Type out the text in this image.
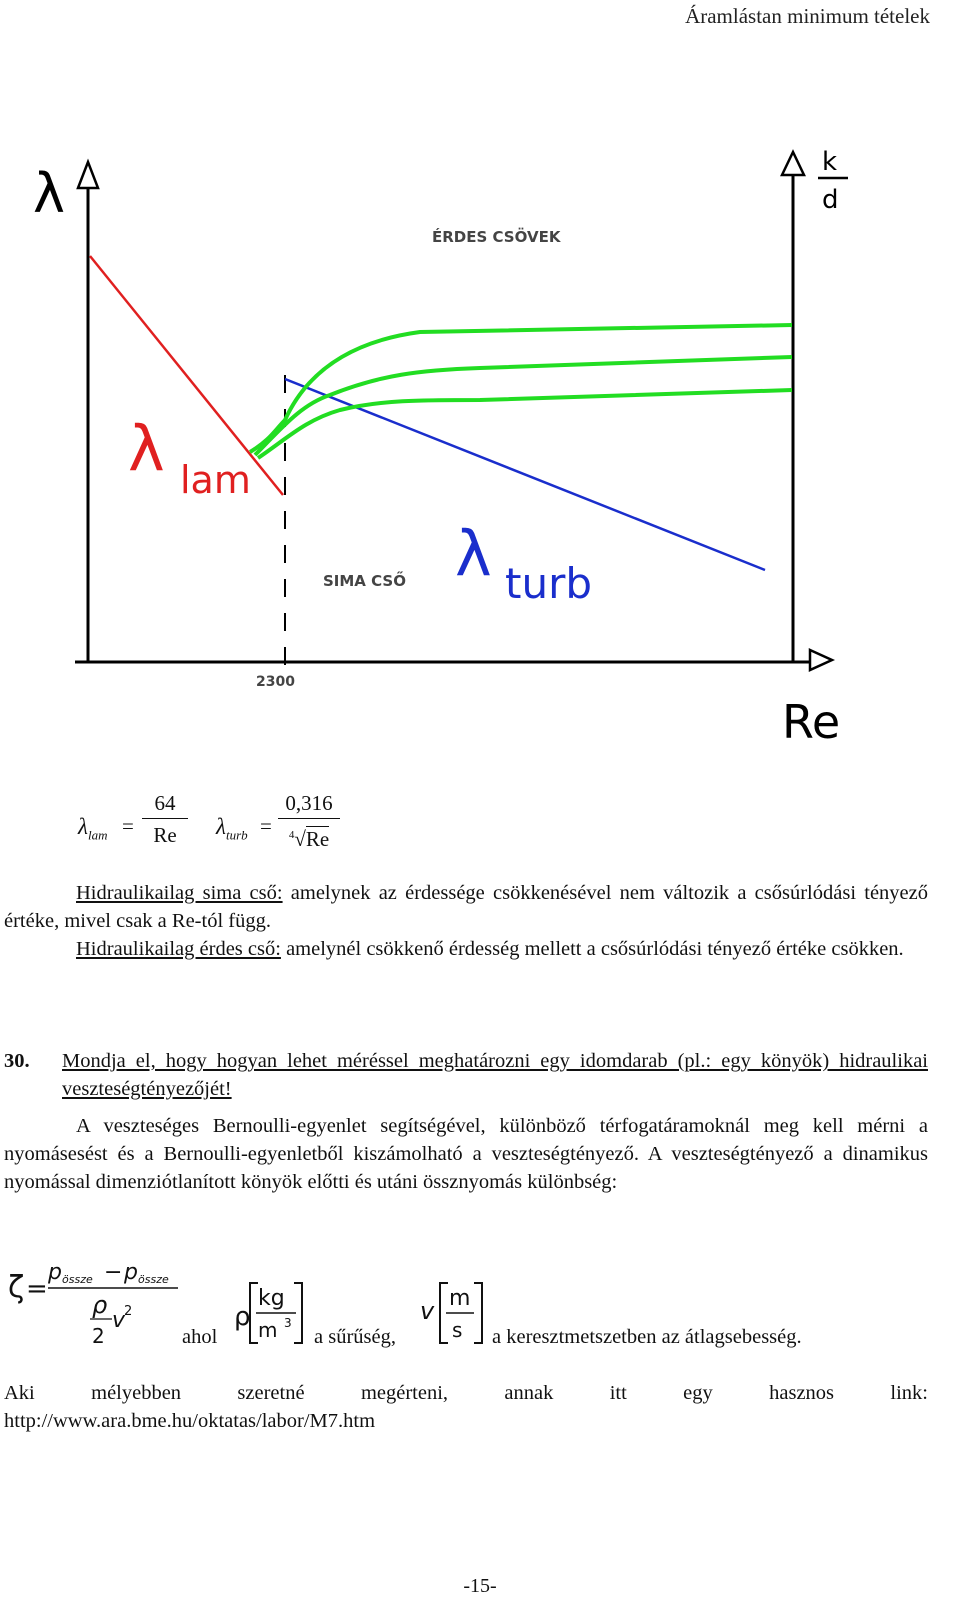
Áramlástan minimum tételek
λ	k
d
Re
2300
ÉRDES CSÖVEK
SIMA CSŐ
λ lam
λ turb
$\lambda_{lam}$ =
64
Re	$\lambda_{turb}$ =
0,316
$^4$√Re
Hidraulikailag sima cső: amelynek az érdessége csökkenésével nem változik a csősúrlódási tényező értéke, mivel csak a Re-tól függ.
Hidraulikailag érdes cső: amelynél csökkenő érdesség mellett a csősúrlódási tényező értéke csökken.
30. Mondja el, hogy hogyan lehet méréssel meghatározni egy idomdarab (pl.: egy könyök) hidraulikai veszteségtényezőjét!
A veszteséges Bernoulli-egyenlet segítségével, különböző térfogatáramoknál meg kell mérni a nyomásesést és a Bernoulli-egyenletből kiszámolható a veszteségtényező. A veszteségtényező a dinamikus nyomással dimenziótlanított könyök előtti és utáni össznyomás különbség:
ζ =
p össze − p össze
ρ
v
2
2
ρ
kg
m 3	v m
s
ahol	a sűrűség,	a keresztmetszetben az átlagsebesség.
Aki mélyebben szeretné megérteni, annak itt egy hasznos link:
http://www.ara.bme.hu/oktatas/labor/M7.htm
-15-
